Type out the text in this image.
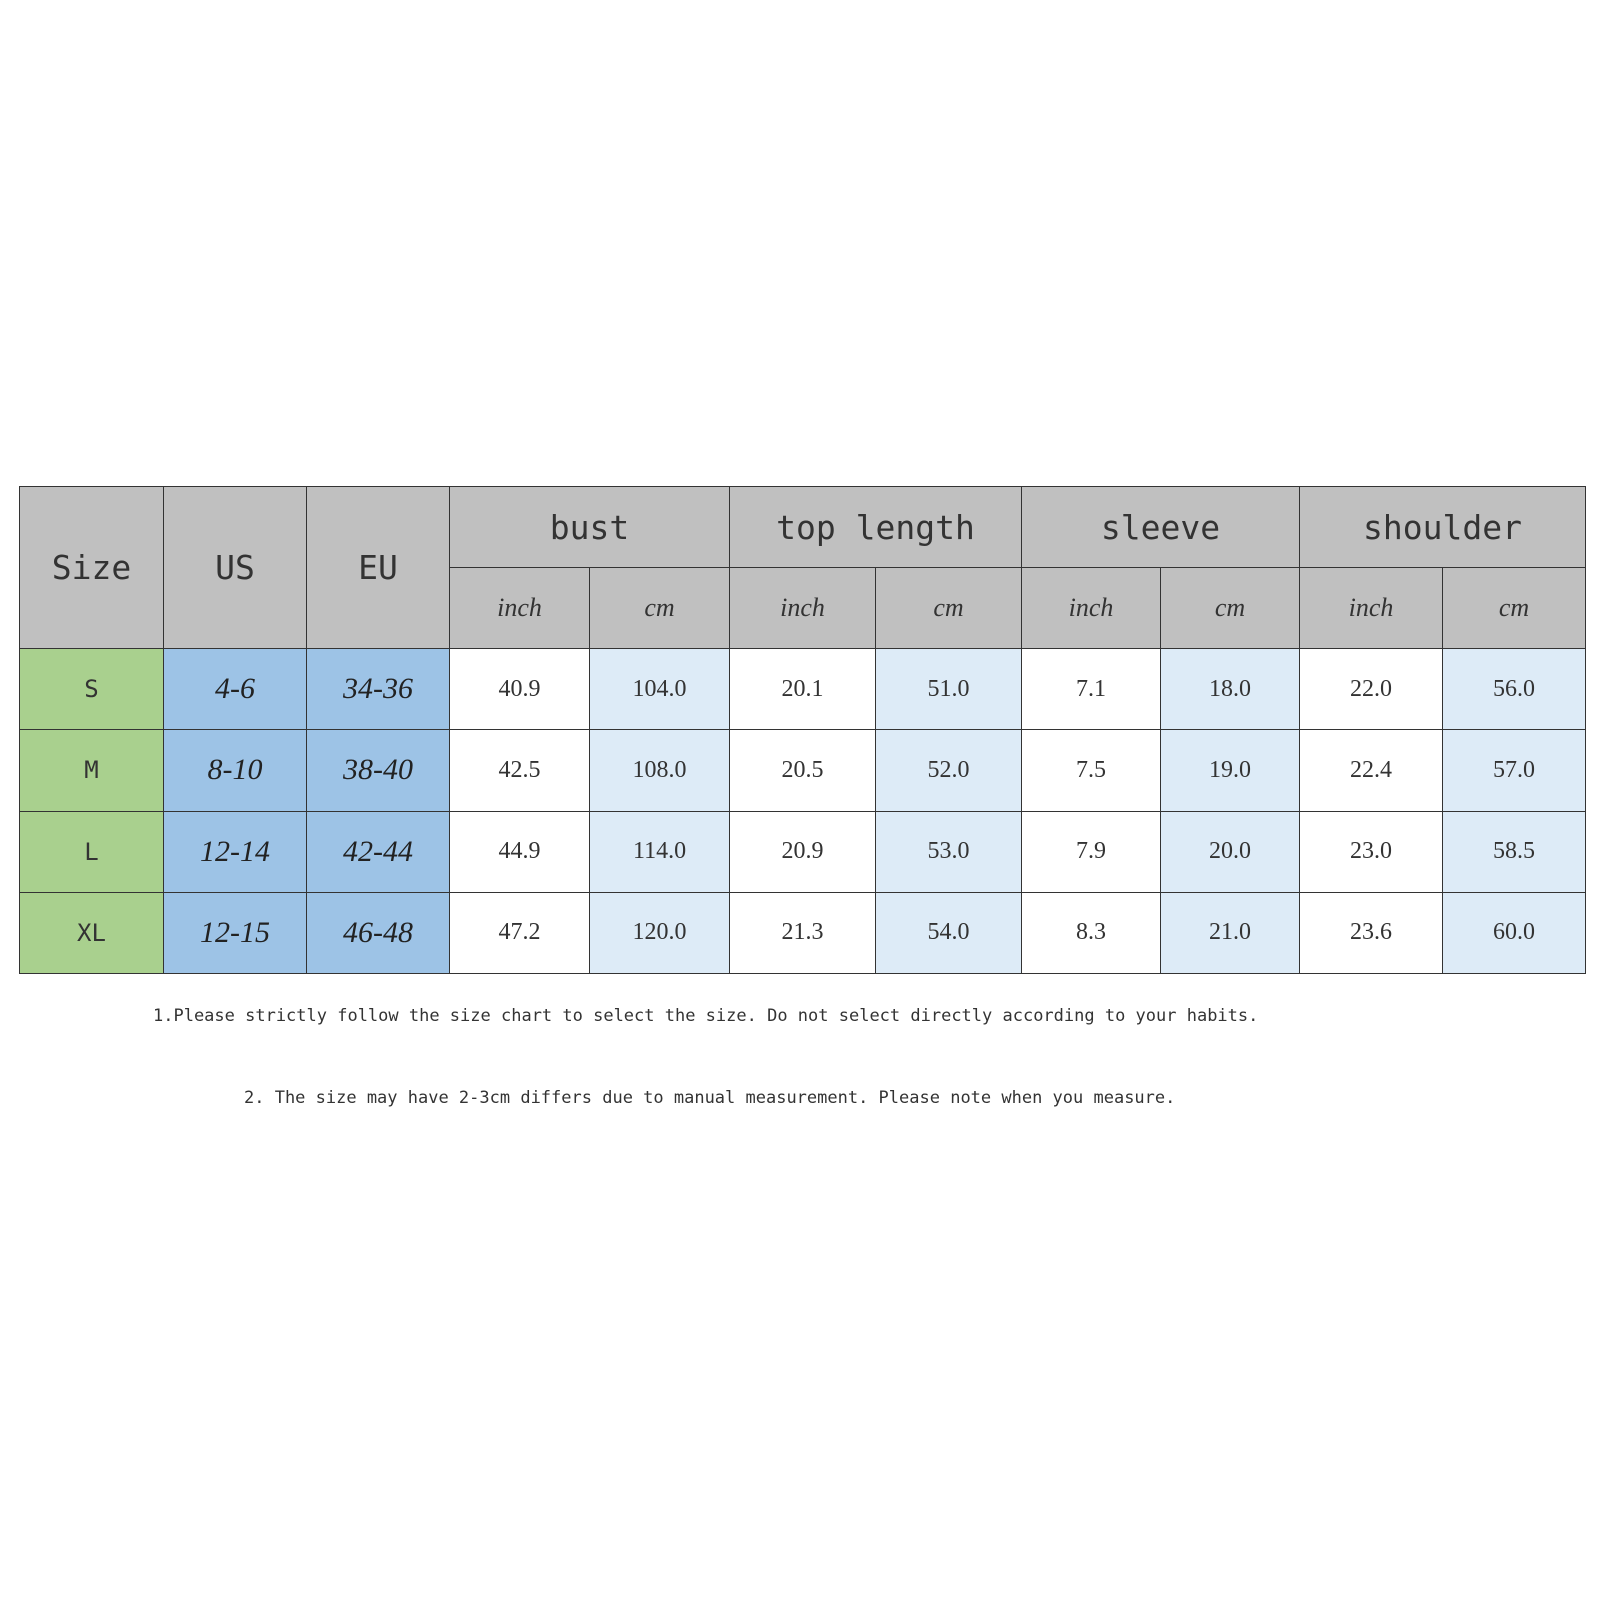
Size	US	EU	bust		top length		sleeve		shoulder	
			inch	cm	inch	cm	inch	cm	inch	cm
S	4-6	34-36	40.9	104.0	20.1	51.0	7.1	18.0	22.0	56.0
M	8-10	38-40	42.5	108.0	20.5	52.0	7.5	19.0	22.4	57.0
L	12-14	42-44	44.9	114.0	20.9	53.0	7.9	20.0	23.0	58.5
XL	12-15	46-48	47.2	120.0	21.3	54.0	8.3	21.0	23.6	60.0
1.Please strictly follow the size chart to select the size. Do not select directly according to your habits.
2. The size may have 2-3cm differs due to manual measurement. Please note when you measure.
